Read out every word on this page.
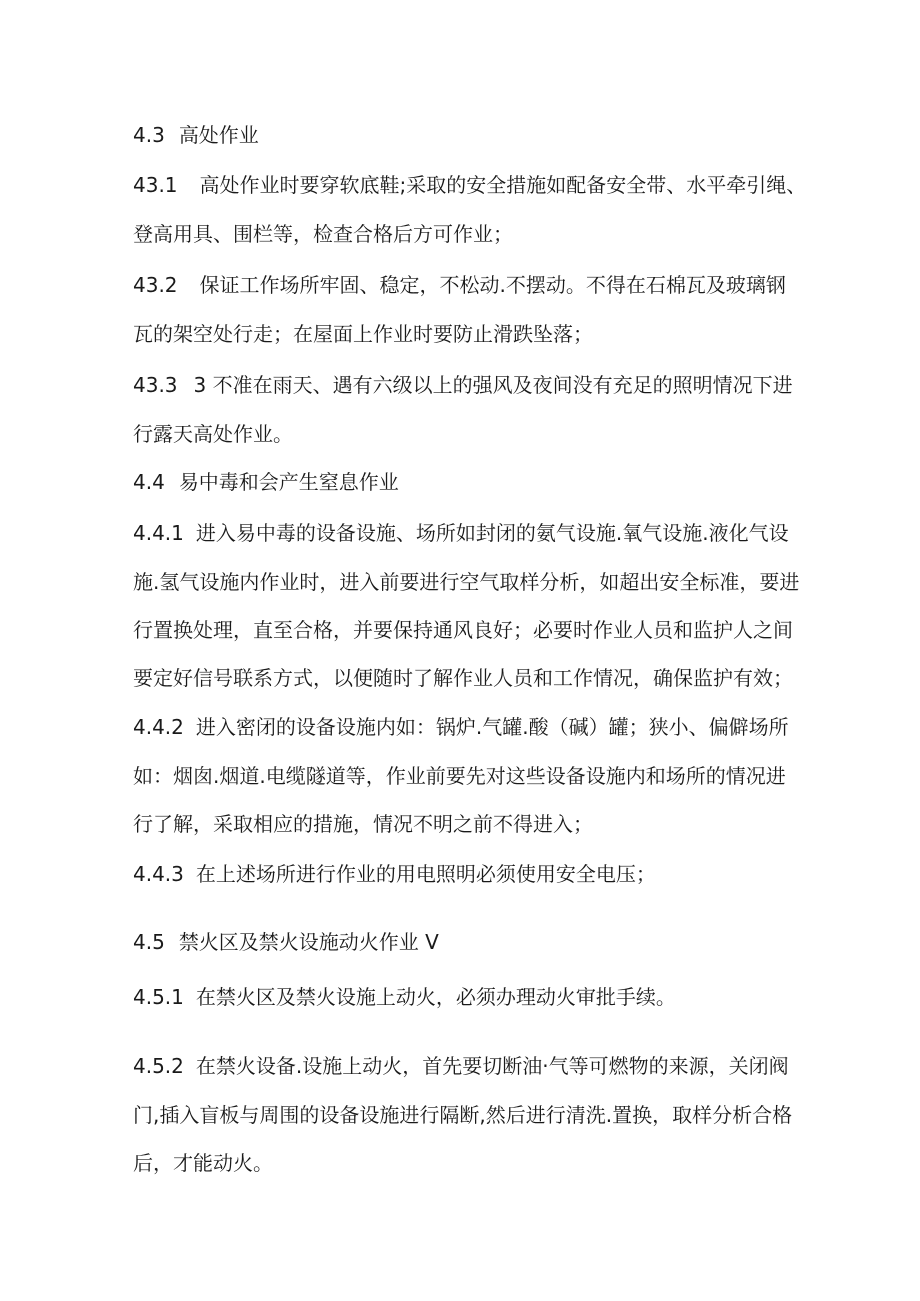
4.3 高处作业
43.1 高处作业时要穿软底鞋;采取的安全措施如配备安全带、水平牵引绳、
登高用具、围栏等，检查合格后方可作业；
43.2 保证工作场所牢固、稳定，不松动.不摆动。不得在石棉瓦及玻璃钢
瓦的架空处行走；在屋面上作业时要防止滑跌坠落；
43.3 3 不准在雨天、遇有六级以上的强风及夜间没有充足的照明情况下进
行露天高处作业。
4.4 易中毒和会产生窒息作业
4.4.1 进入易中毒的设备设施、场所如封闭的氨气设施.氧气设施.液化气设
施.氢气设施内作业时，进入前要进行空气取样分析，如超出安全标准，要进
行置换处理，直至合格，并要保持通风良好；必要时作业人员和监护人之间
要定好信号联系方式，以便随时了解作业人员和工作情况，确保监护有效；
4.4.2 进入密闭的设备设施内如：锅炉.气罐.酸（碱）罐；狭小、偏僻场所
如：烟囱.烟道.电缆隧道等，作业前要先对这些设备设施内和场所的情况进
行了解，采取相应的措施，情况不明之前不得进入；
4.4.3 在上述场所进行作业的用电照明必须使用安全电压；
4.5 禁火区及禁火设施动火作业 V
4.5.1 在禁火区及禁火设施上动火，必须办理动火审批手续。
4.5.2 在禁火设备.设施上动火，首先要切断油·气等可燃物的来源，关闭阀
门,插入盲板与周围的设备设施进行隔断,然后进行清洗.置换，取样分析合格
后，才能动火。
